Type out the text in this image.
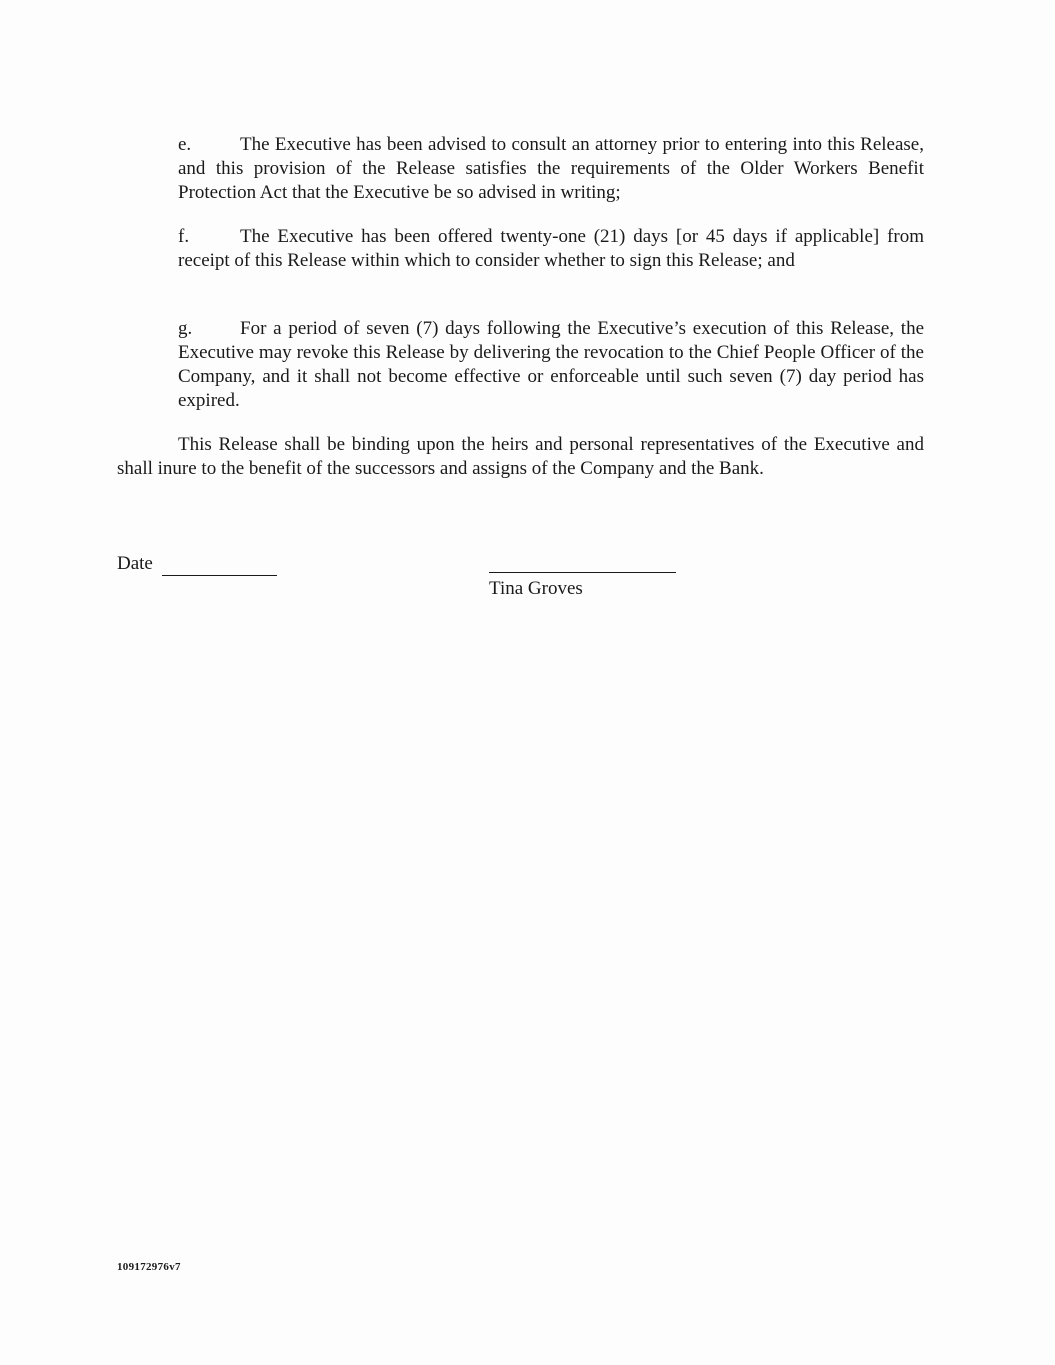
e.	The Executive has been advised to consult an attorney prior to entering into this Release, and this provision of the Release satisfies the requirements of the Older Workers Benefit Protection Act that the Executive be so advised in writing;

f.	The Executive has been offered twenty-one (21) days [or 45 days if applicable] from receipt of this Release within which to consider whether to sign this Release; and

g.	For a period of seven (7) days following the Executive’s execution of this Release, the Executive may revoke this Release by delivering the revocation to the Chief People Officer of the Company, and it shall not become effective or enforceable until such seven (7) day period has expired.

This Release shall be binding upon the heirs and personal representatives of the Executive and shall inure to the benefit of the successors and assigns of the Company and the Bank.

Date
Tina Groves
109172976v7
